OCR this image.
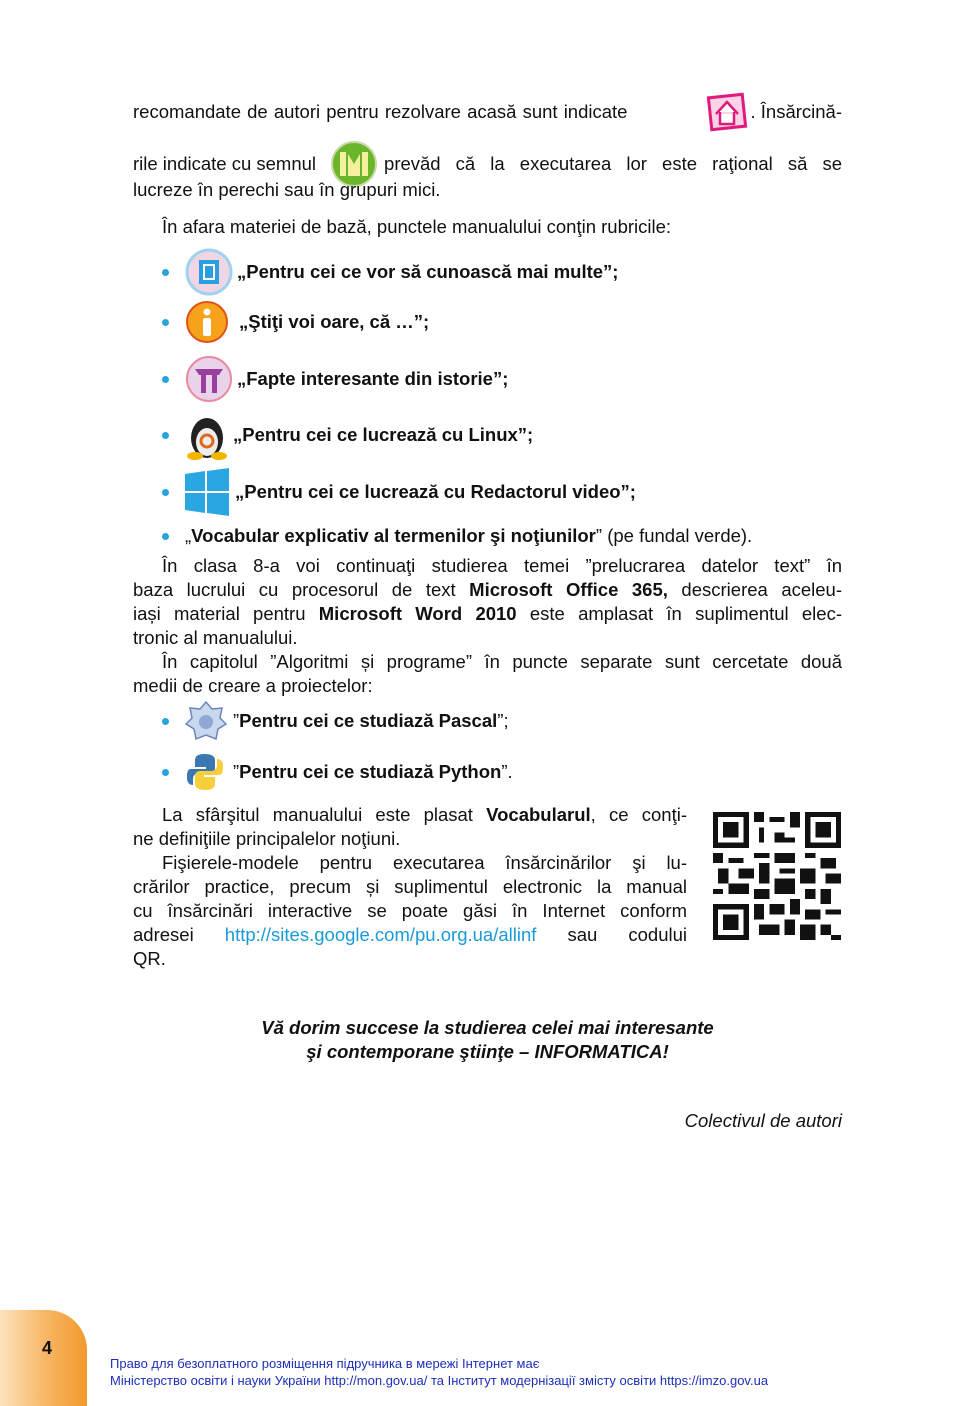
recomandate de autori pentru rezolvare acasă sunt indicate	. Însărcină-
rile indicate cu semnul	prevăd că la executarea lor este raţional să se
lucreze în perechi sau în grupuri mici.
În afara materiei de bază, punctele manualului conţin rubricile:
„Pentru cei ce vor să cunoască mai multe”;
„Ştiţi voi oare, că …”;
„Fapte interesante din istorie”;
„Pentru cei ce lucrează cu Linux”;
„Pentru cei ce lucrează cu Redactorul video”;
„ Vocabular explicativ al termenilor şi noţiunilor ” (pe fundal verde).
În clasa 8-a voi continuaţi studierea temei ”prelucrarea datelor text” în
baza lucrului cu procesorul de text Microsoft Office 365, descrierea aceleu-
iași material pentru Microsoft Word 2010 este amplasat în suplimentul elec-
tronic al manualului.
În capitolul ”Algoritmi și programe” în puncte separate sunt cercetate două
medii de creare a proiectelor:
” Pentru cei ce studiază Pascal ”;
” Pentru cei ce studiază Python ”.
La sfârşitul manualului este plasat Vocabularul, ce conţi-
ne definiţiile principalelor noţiuni.
Fişierele-modele pentru executarea însărcinărilor şi lu-
crărilor practice, precum și suplimentul electronic la manual
cu însărcinări interactive se poate găsi în Internet conform
adresei http://sites.google.com/pu.org.ua/allinf sau codului
QR.
Vă dorim succese la studierea celei mai interesante
şi contemporane ştiinţe – INFORMATICA!
Colectivul de autori
4
Право для безоплатного розміщення підручника в мережі Інтернет має
Міністерство освіти і науки України http://mon.gov.ua/ та Інститут модернізації змісту освіти https://imzo.gov.ua
